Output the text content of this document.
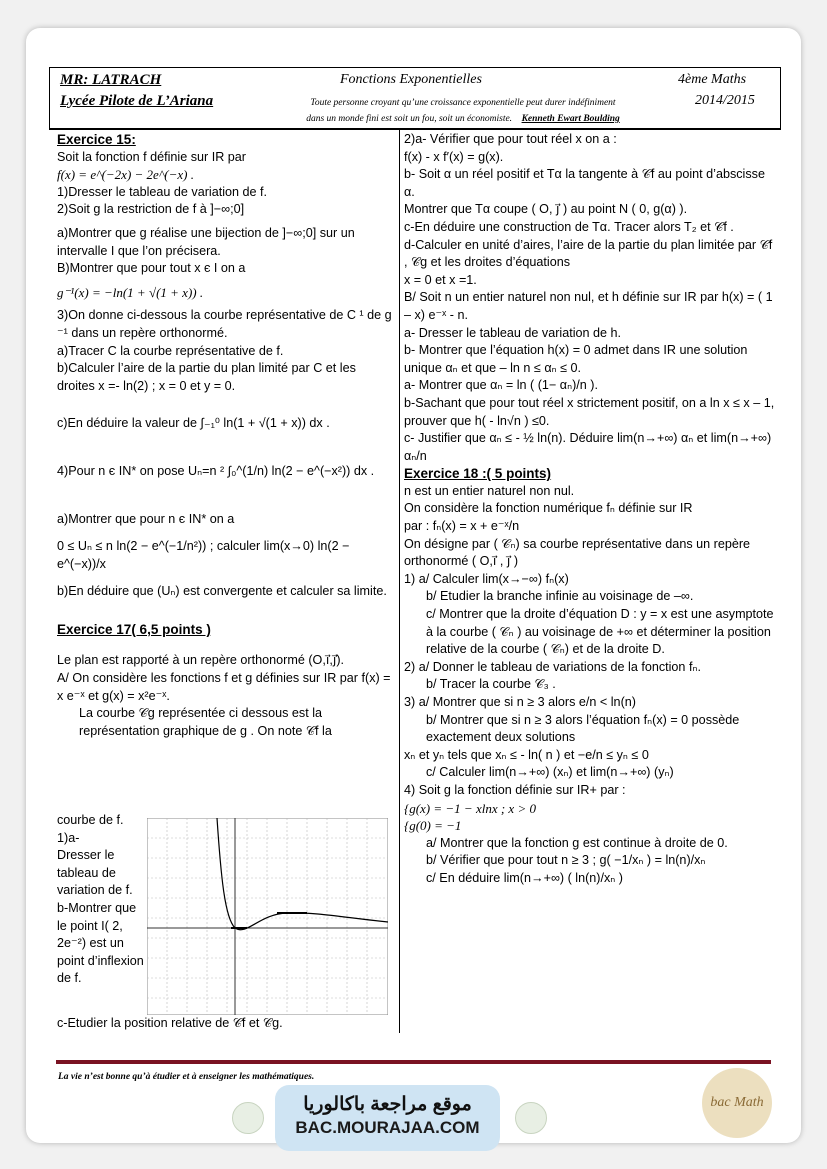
MR: LATRACH
Lycée Pilote de L’Ariana
Fonctions Exponentielles	4ème Maths
2014/2015
Toute personne croyant qu’une croissance exponentielle peut durer indéfiniment
dans un monde fini est soit un fou, soit un économiste. Kenneth Ewart Boulding

Exercice 15:

Soit la fonction f définie sur IR par

f(x) = e^(−2x) − 2e^(−x) .

1)Dresser le tableau de variation de f.

2)Soit g la restriction de f à ]−∞;0]

a)Montrer que g réalise une bijection de ]−∞;0] sur un intervalle I que l’on précisera.

B)Montrer que pour tout x є I on a

g⁻¹(x) = −ln(1 + √(1 + x)) .

3)On donne ci-dessous la courbe représentative de C ¹ de g ⁻¹ dans un repère orthonormé.

a)Tracer C la courbe représentative de f.

b)Calculer l’aire de la partie du plan limité par C et les droites x =- ln(2) ; x = 0 et y = 0.

c)En déduire la valeur de ∫₋₁⁰ ln(1 + √(1 + x)) dx .

4)Pour n є IN* on pose Uₙ=n ² ∫₀^(1/n) ln(2 − e^(−x²)) dx .

a)Montrer que pour n є IN* on a

0 ≤ Uₙ ≤ n ln(2 − e^(−1/n²)) ; calculer lim(x→0) ln(2 − e^(−x))/x

b)En déduire que (Uₙ) est convergente et calculer sa limite.

Exercice 17( 6,5 points )

Le plan est rapporté à un repère orthonormé (O,i⃗,j⃗).

A/ On considère les fonctions f et g définies sur IR par f(x) = x e⁻ˣ et g(x) = x²e⁻ˣ.

La courbe 𝒞g représentée ci dessous est la représentation graphique de g . On note 𝒞f la

courbe de f.
1)a-
Dresser le tableau de variation de f.
b-Montrer que le point I( 2, 2e⁻²) est un point d’inflexion de f.

c-Etudier la position relative de 𝒞f et 𝒞g.

2)a- Vérifier que pour tout réel x on a :

f(x) - x f′(x) = g(x).

b- Soit α un réel positif et Tα la tangente à 𝒞f au point d’abscisse α.

Montrer que Tα coupe ( O, j⃗ ) au point N ( 0, g(α) ).

c-En déduire une construction de Tα. Tracer alors T₂ et 𝒞f .

d-Calculer en unité d’aires, l’aire de la partie du plan limitée par 𝒞f , 𝒞g et les droites d’équations

x = 0 et x =1.

B/ Soit n un entier naturel non nul, et h définie sur IR par h(x) = ( 1 – x) e⁻ˣ - n.

a- Dresser le tableau de variation de h.

b- Montrer que l’équation h(x) = 0 admet dans IR une solution unique αₙ et que – ln n ≤ αₙ ≤ 0.

a- Montrer que αₙ = ln ( (1− αₙ)/n ).

b-Sachant que pour tout réel x strictement positif, on a ln x ≤ x – 1, prouver que h( - ln√n ) ≤0.

c- Justifier que αₙ ≤ - ½ ln(n). Déduire lim(n→+∞) αₙ et lim(n→+∞) αₙ/n

Exercice 18 :( 5 points)

n est un entier naturel non nul.

On considère la fonction numérique fₙ définie sur IR

par : fₙ(x) = x + e⁻ˣ/n

On désigne par ( 𝒞ₙ) sa courbe représentative dans un repère orthonormé ( O,i⃗ , j⃗ )

1) a/ Calculer lim(x→−∞) fₙ(x)

b/ Etudier la branche infinie au voisinage de –∞.

c/ Montrer que la droite d’équation D : y = x est une asymptote à la courbe ( 𝒞ₙ ) au voisinage de +∞ et déterminer la position relative de la courbe ( 𝒞ₙ) et de la droite D.

2) a/ Donner le tableau de variations de la fonction fₙ.

b/ Tracer la courbe 𝒞₃ .

3) a/ Montrer que si n ≥ 3 alors e/n < ln(n)

b/ Montrer que si n ≥ 3 alors l’équation fₙ(x) = 0 possède exactement deux solutions

xₙ et yₙ tels que xₙ ≤ - ln( n ) et −e/n ≤ yₙ ≤ 0

c/ Calculer lim(n→+∞) (xₙ) et lim(n→+∞) (yₙ)

4) Soit g la fonction définie sur IR+ par :

{g(x) = −1 − xlnx ; x > 0

{g(0) = −1

a/ Montrer que la fonction g est continue à droite de 0.

b/ Vérifier que pour tout n ≥ 3 ; g( −1/xₙ ) = ln(n)/xₙ

c/ En déduire lim(n→+∞) ( ln(n)/xₙ )

La vie n’est bonne qu’à étudier et à enseigner les mathématiques.
موقع مراجعة باكالوريا
BAC.MOURAJAA.COM
bac Math
